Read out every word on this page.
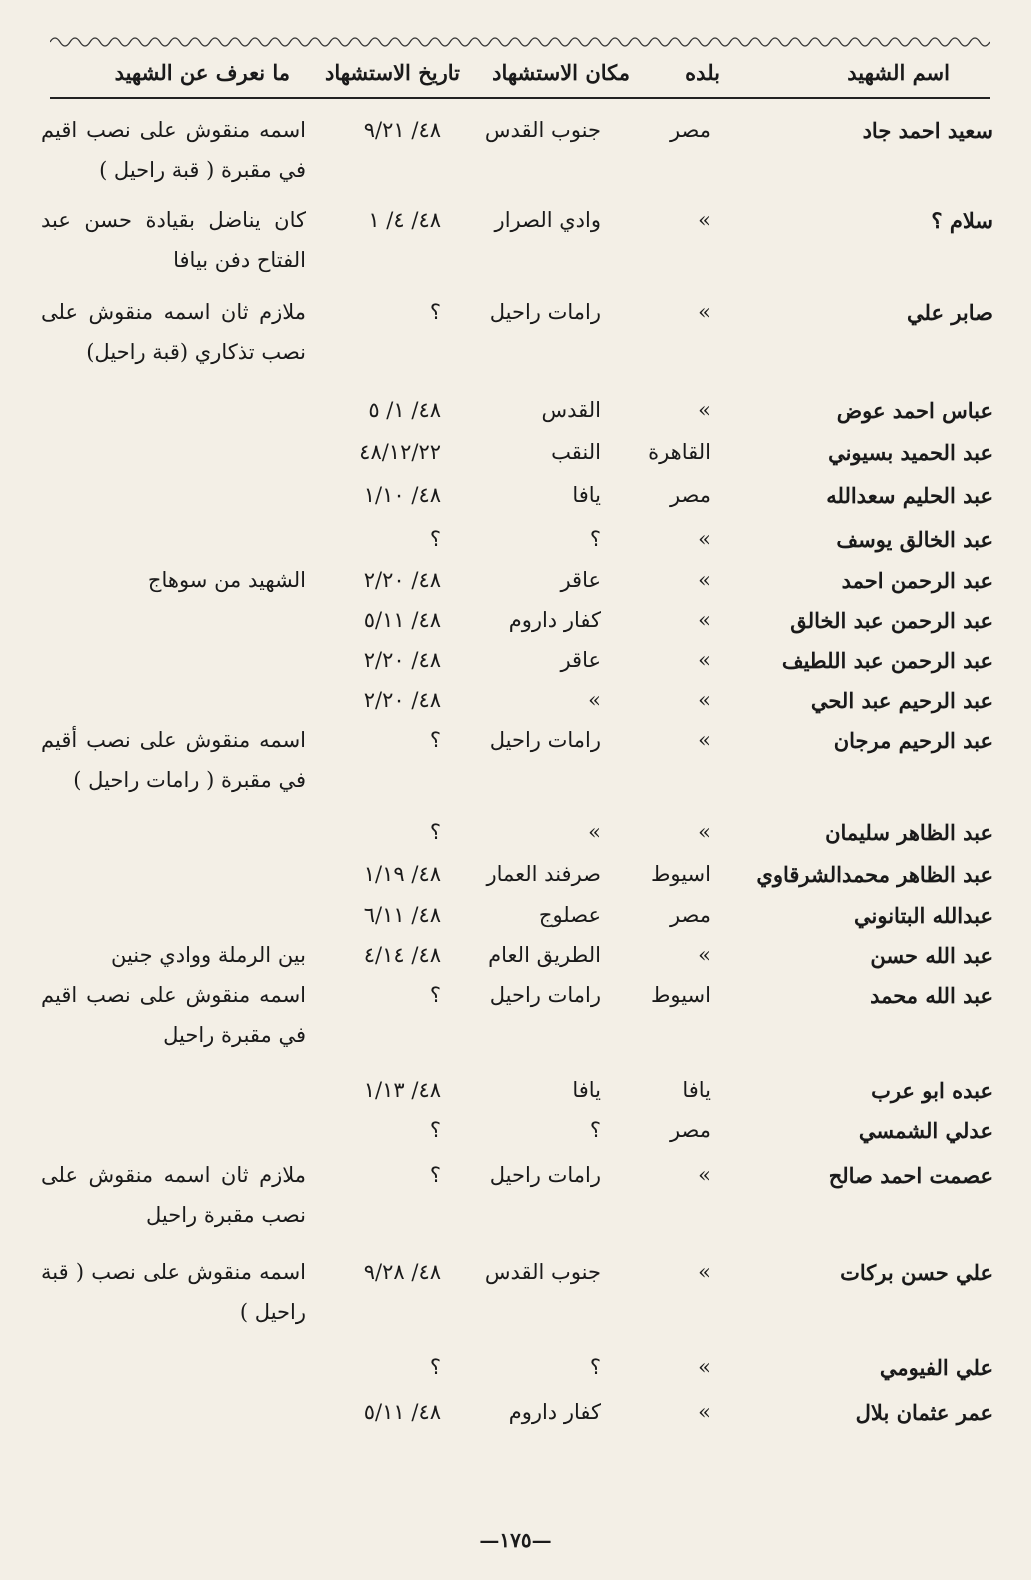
اسم الشهيد
بلده
مكان الاستشهاد
تاريخ الاستشهاد
ما نعرف عن الشهيد
سعيد احمد جاد
مصر
جنوب القدس
٤٨/ ٩/٢١
اسمه منقوش على نصب اقيم في مقبرة ( قبة راحيل )
سلام ؟
»
وادي الصرار
٤٨/ ٤/ ١
كان يناضل بقيادة حسن عبد الفتاح دفن بيافا
صابر علي
»
رامات راحيل
؟
ملازم ثان اسمه منقوش على نصب تذكاري (قبة راحيل)
عباس احمد عوض
»
القدس
٤٨/ ١/ ٥
عبد الحميد بسيوني
القاهرة
النقب
٤٨/١٢/٢٢
عبد الحليم سعدالله
مصر
يافا
٤٨/ ١/١٠
عبد الخالق يوسف
»
؟
؟
عبد الرحمن احمد
»
عاقر
٤٨/ ٢/٢٠
الشهيد من سوهاج
عبد الرحمن عبد الخالق
»
كفار داروم
٤٨/ ٥/١١
عبد الرحمن عبد اللطيف
»
عاقر
٤٨/ ٢/٢٠
عبد الرحيم عبد الحي
»
»
٤٨/ ٢/٢٠
عبد الرحيم مرجان
»
رامات راحيل
؟
اسمه منقوش على نصب أقيم في مقبرة ( رامات راحيل )
عبد الظاهر سليمان
»
»
؟
عبد الظاهر محمدالشرقاوي
اسيوط
صرفند العمار
٤٨/ ١/١٩
عبدالله البتانوني
مصر
عصلوج
٤٨/ ٦/١١
عبد الله حسن
»
الطريق العام
٤٨/ ٤/١٤
بين الرملة ووادي جنين
عبد الله محمد
اسيوط
رامات راحيل
؟
اسمه منقوش على نصب اقيم في مقبرة راحيل
عبده ابو عرب
يافا
يافا
٤٨/ ١/١٣
عدلي الشمسي
مصر
؟
؟
عصمت احمد صالح
»
رامات راحيل
؟
ملازم ثان اسمه منقوش على نصب مقبرة راحيل
علي حسن بركات
»
جنوب القدس
٤٨/ ٩/٢٨
اسمه منقوش على نصب ( قبة راحيل )
علي الفيومي
»
؟
؟
عمر عثمان بلال
»
كفار داروم
٤٨/ ٥/١١
—١٧٥—
